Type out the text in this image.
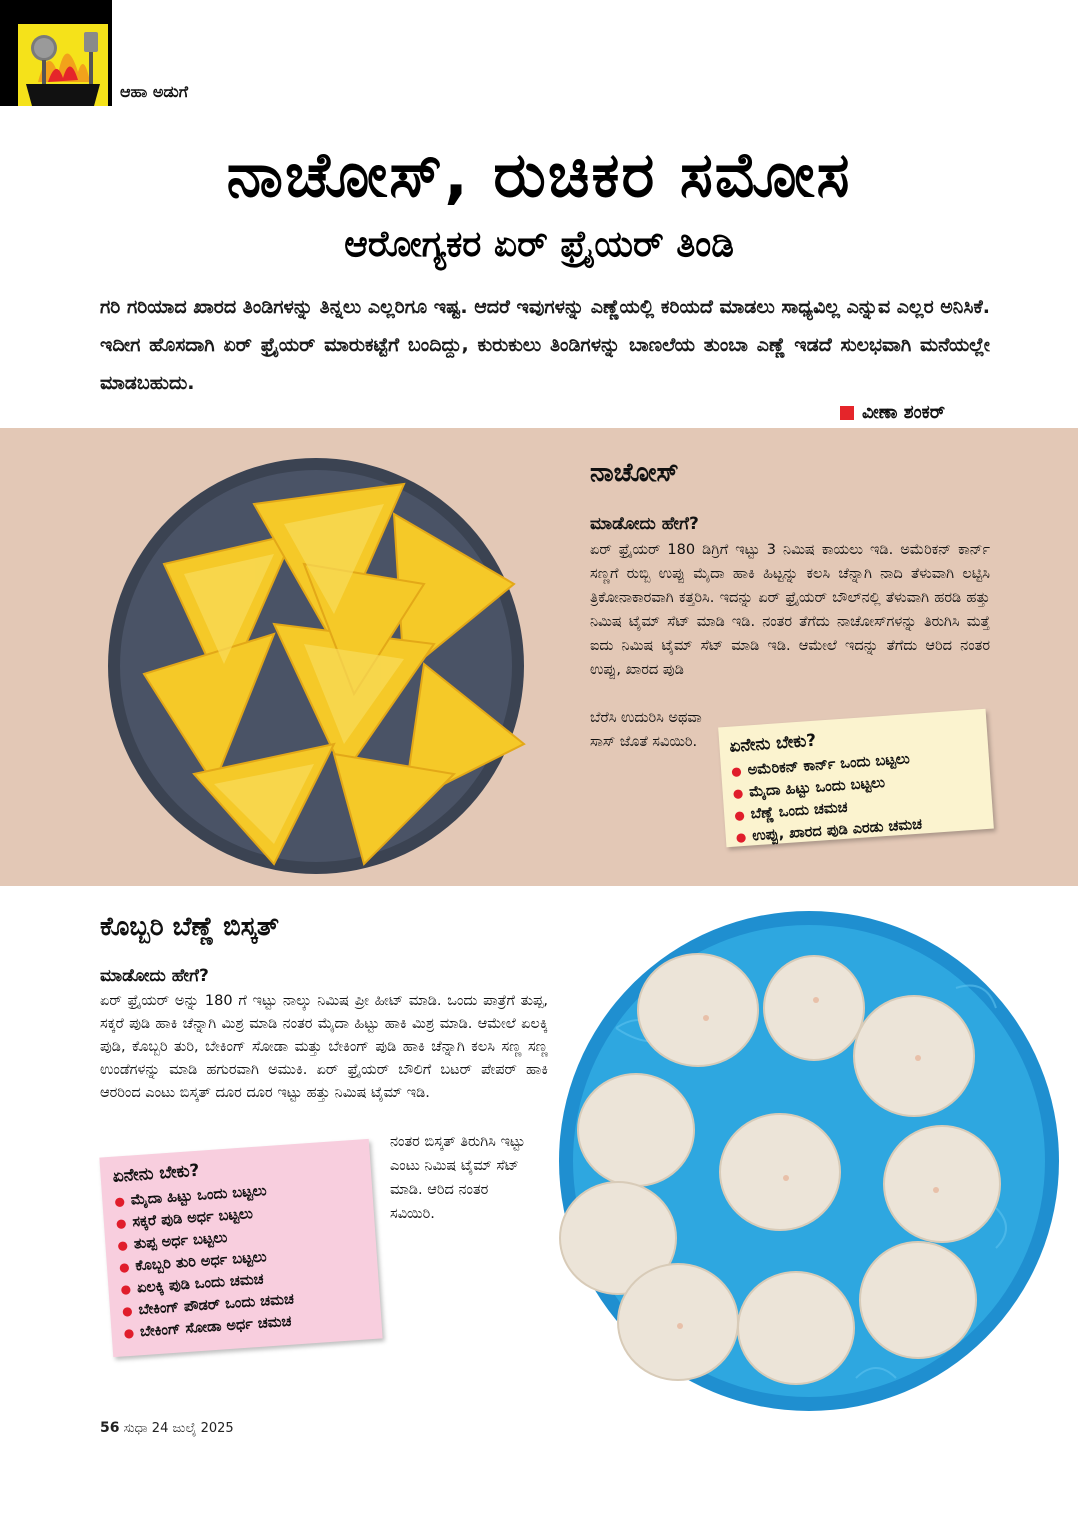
ಆಹಾ ಅಡುಗೆ
ನಾಚೋಸ್, ರುಚಿಕರ ಸಮೋಸ
ಆರೋಗ್ಯಕರ ಏರ್ ಫ್ರೈಯರ್ ತಿಂಡಿ
ಗರಿ ಗರಿಯಾದ ಖಾರದ ತಿಂಡಿಗಳನ್ನು ತಿನ್ನಲು ಎಲ್ಲರಿಗೂ ಇಷ್ಟ. ಆದರೆ ಇವುಗಳನ್ನು ಎಣ್ಣೆಯಲ್ಲಿ ಕರಿಯದೆ ಮಾಡಲು ಸಾಧ್ಯವಿಲ್ಲ ಎನ್ನುವ ಎಲ್ಲರ ಅನಿಸಿಕೆ. ಇದೀಗ ಹೊಸದಾಗಿ ಏರ್ ಫ್ರೈಯರ್ ಮಾರುಕಟ್ಟೆಗೆ ಬಂದಿದ್ದು, ಕುರುಕುಲು ತಿಂಡಿಗಳನ್ನು ಬಾಣಲೆಯ ತುಂಬಾ ಎಣ್ಣೆ ಇಡದೆ ಸುಲಭವಾಗಿ ಮನೆಯಲ್ಲೇ ಮಾಡಬಹುದು.
ವೀಣಾ ಶಂಕರ್
ನಾಚೋಸ್
ಮಾಡೋದು ಹೇಗೆ?
ಏರ್ ಫ್ರೈಯರ್ 180 ಡಿಗ್ರಿಗೆ ಇಟ್ಟು 3 ನಿಮಿಷ ಕಾಯಲು ಇಡಿ. ಅಮೆರಿಕನ್ ಕಾರ್ನ್ ಸಣ್ಣಗೆ ರುಬ್ಬಿ ಉಪ್ಪು ಮೈದಾ ಹಾಕಿ ಹಿಟ್ಟನ್ನು ಕಲಸಿ ಚೆನ್ನಾಗಿ ನಾದಿ ತೆಳುವಾಗಿ ಲಟ್ಟಿಸಿ ತ್ರಿಕೋನಾಕಾರವಾಗಿ ಕತ್ತರಿಸಿ. ಇದನ್ನು ಏರ್ ಫ್ರೈಯರ್ ಬೌಲ್‌ನಲ್ಲಿ ತೆಳುವಾಗಿ ಹರಡಿ ಹತ್ತು ನಿಮಿಷ ಟೈಮ್ ಸೆಟ್ ಮಾಡಿ ಇಡಿ. ನಂತರ ತೆಗೆದು ನಾಚೋಸ್‌ಗಳನ್ನು ತಿರುಗಿಸಿ ಮತ್ತೆ ಐದು ನಿಮಿಷ ಟೈಮ್ ಸೆಟ್ ಮಾಡಿ ಇಡಿ. ಆಮೇಲೆ ಇದನ್ನು ತೆಗೆದು ಆರಿದ ನಂತರ ಉಪ್ಪು, ಖಾರದ ಪುಡಿ
ಬೆರೆಸಿ ಉದುರಿಸಿ ಅಥವಾ ಸಾಸ್ ಜೊತೆ ಸವಿಯಿರಿ.	ಏನೇನು ಬೇಕು?
● ಅಮೆರಿಕನ್ ಕಾರ್ನ್ ಒಂದು ಬಟ್ಟಲು
● ಮೈದಾ ಹಿಟ್ಟು ಒಂದು ಬಟ್ಟಲು
● ಬೆಣ್ಣೆ ಒಂದು ಚಮಚ
● ಉಪ್ಪು, ಖಾರದ ಪುಡಿ ಎರಡು ಚಮಚ
ಕೊಬ್ಬರಿ ಬೆಣ್ಣೆ ಬಿಸ್ಕತ್
ಮಾಡೋದು ಹೇಗೆ?
ಏರ್ ಫ್ರೈಯರ್ ಅನ್ನು 180 ಗೆ ಇಟ್ಟು ನಾಲ್ಕು ನಿಮಿಷ ಪ್ರೀ ಹೀಟ್ ಮಾಡಿ. ಒಂದು ಪಾತ್ರೆಗೆ ತುಪ್ಪ, ಸಕ್ಕರೆ ಪುಡಿ ಹಾಕಿ ಚೆನ್ನಾಗಿ ಮಿಶ್ರ ಮಾಡಿ ನಂತರ ಮೈದಾ ಹಿಟ್ಟು ಹಾಕಿ ಮಿಶ್ರ ಮಾಡಿ. ಆಮೇಲೆ ಏಲಕ್ಕಿ ಪುಡಿ, ಕೊಬ್ಬರಿ ತುರಿ, ಬೇಕಿಂಗ್ ಸೋಡಾ ಮತ್ತು ಬೇಕಿಂಗ್ ಪುಡಿ ಹಾಕಿ ಚೆನ್ನಾಗಿ ಕಲಸಿ ಸಣ್ಣ ಸಣ್ಣ ಉಂಡೆಗಳನ್ನು ಮಾಡಿ ಹಗುರವಾಗಿ ಅಮುಕಿ. ಏರ್ ಫ್ರೈಯರ್ ಬೌಲಿಗೆ ಬಟರ್ ಪೇಪರ್ ಹಾಕಿ ಆರರಿಂದ ಎಂಟು ಬಿಸ್ಕತ್ ದೂರ ದೂರ ಇಟ್ಟು ಹತ್ತು ನಿಮಿಷ ಟೈಮ್ ಇಡಿ.
ನಂತರ ಬಿಸ್ಕತ್ ತಿರುಗಿಸಿ ಇಟ್ಟು ಎಂಟು ನಿಮಿಷ ಟೈಮ್ ಸೆಟ್ ಮಾಡಿ. ಆರಿದ ನಂತರ ಸವಿಯಿರಿ.
ಏನೇನು ಬೇಕು?
● ಮೈದಾ ಹಿಟ್ಟು ಒಂದು ಬಟ್ಟಲು
● ಸಕ್ಕರೆ ಪುಡಿ ಅರ್ಧ ಬಟ್ಟಲು
● ತುಪ್ಪ ಅರ್ಧ ಬಟ್ಟಲು
● ಕೊಬ್ಬರಿ ತುರಿ ಅರ್ಧ ಬಟ್ಟಲು
● ಏಲಕ್ಕಿ ಪುಡಿ ಒಂದು ಚಮಚ
● ಬೇಕಿಂಗ್ ಪೌಡರ್ ಒಂದು ಚಮಚ
● ಬೇಕಿಂಗ್ ಸೋಡಾ ಅರ್ಧ ಚಮಚ
56 ಸುಧಾ 24 ಜುಲೈ 2025
